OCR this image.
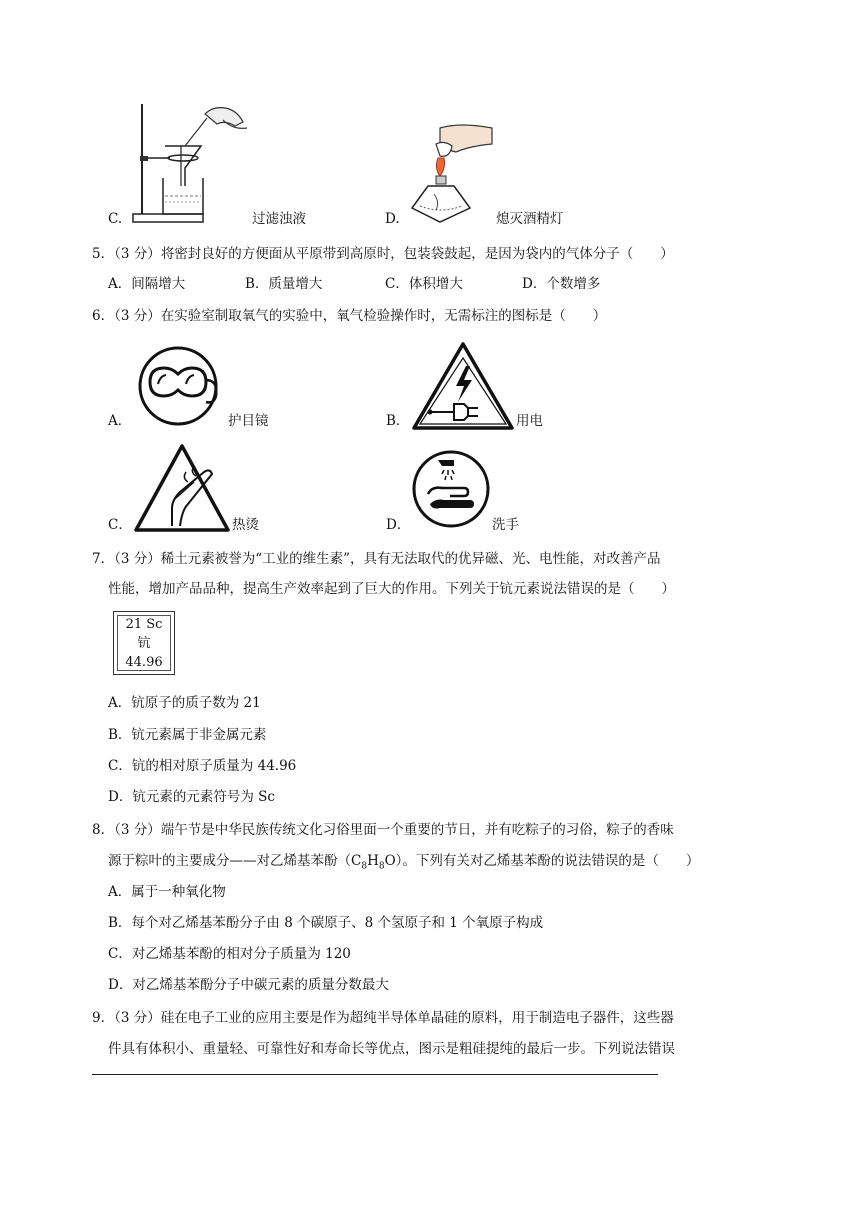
C.	过滤浊液	D.	熄灭酒精灯
5．（3 分）将密封良好的方便面从平原带到高原时，包装袋鼓起，是因为袋内的气体分子（　　）
A．间隔增大	B．质量增大	C．体积增大	D．个数增多
6．（3 分）在实验室制取氧气的实验中，氧气检验操作时，无需标注的图标是（　　）
A．	护目镜	B．	用电
C．	热烫	D．	洗手
7．（3 分）稀土元素被誉为“工业的维生素”，具有无法取代的优异磁、光、电性能，对改善产品
性能，增加产品品种，提高生产效率起到了巨大的作用。下列关于钪元素说法错误的是（　　）
21 Sc
钪
44.96
A．钪原子的质子数为 21
B．钪元素属于非金属元素
C．钪的相对原子质量为 44.96
D．钪元素的元素符号为 Sc
8．（3 分）端午节是中华民族传统文化习俗里面一个重要的节日，并有吃粽子的习俗，粽子的香味
源于粽叶的主要成分——对乙烯基苯酚$(C_8H_8O)$。下列有关对乙烯基苯酚的说法错误的是（　　）
A．属于一种氧化物
B．每个对乙烯基苯酚分子由 8 个碳原子、8 个氢原子和 1 个氧原子构成
C．对乙烯基苯酚的相对分子质量为 120
D．对乙烯基苯酚分子中碳元素的质量分数最大
9．（3 分）硅在电子工业的应用主要是作为超纯半导体单晶硅的原料，用于制造电子器件，这些器
件具有体积小、重量轻、可靠性好和寿命长等优点，图示是粗硅提纯的最后一步。下列说法错误
